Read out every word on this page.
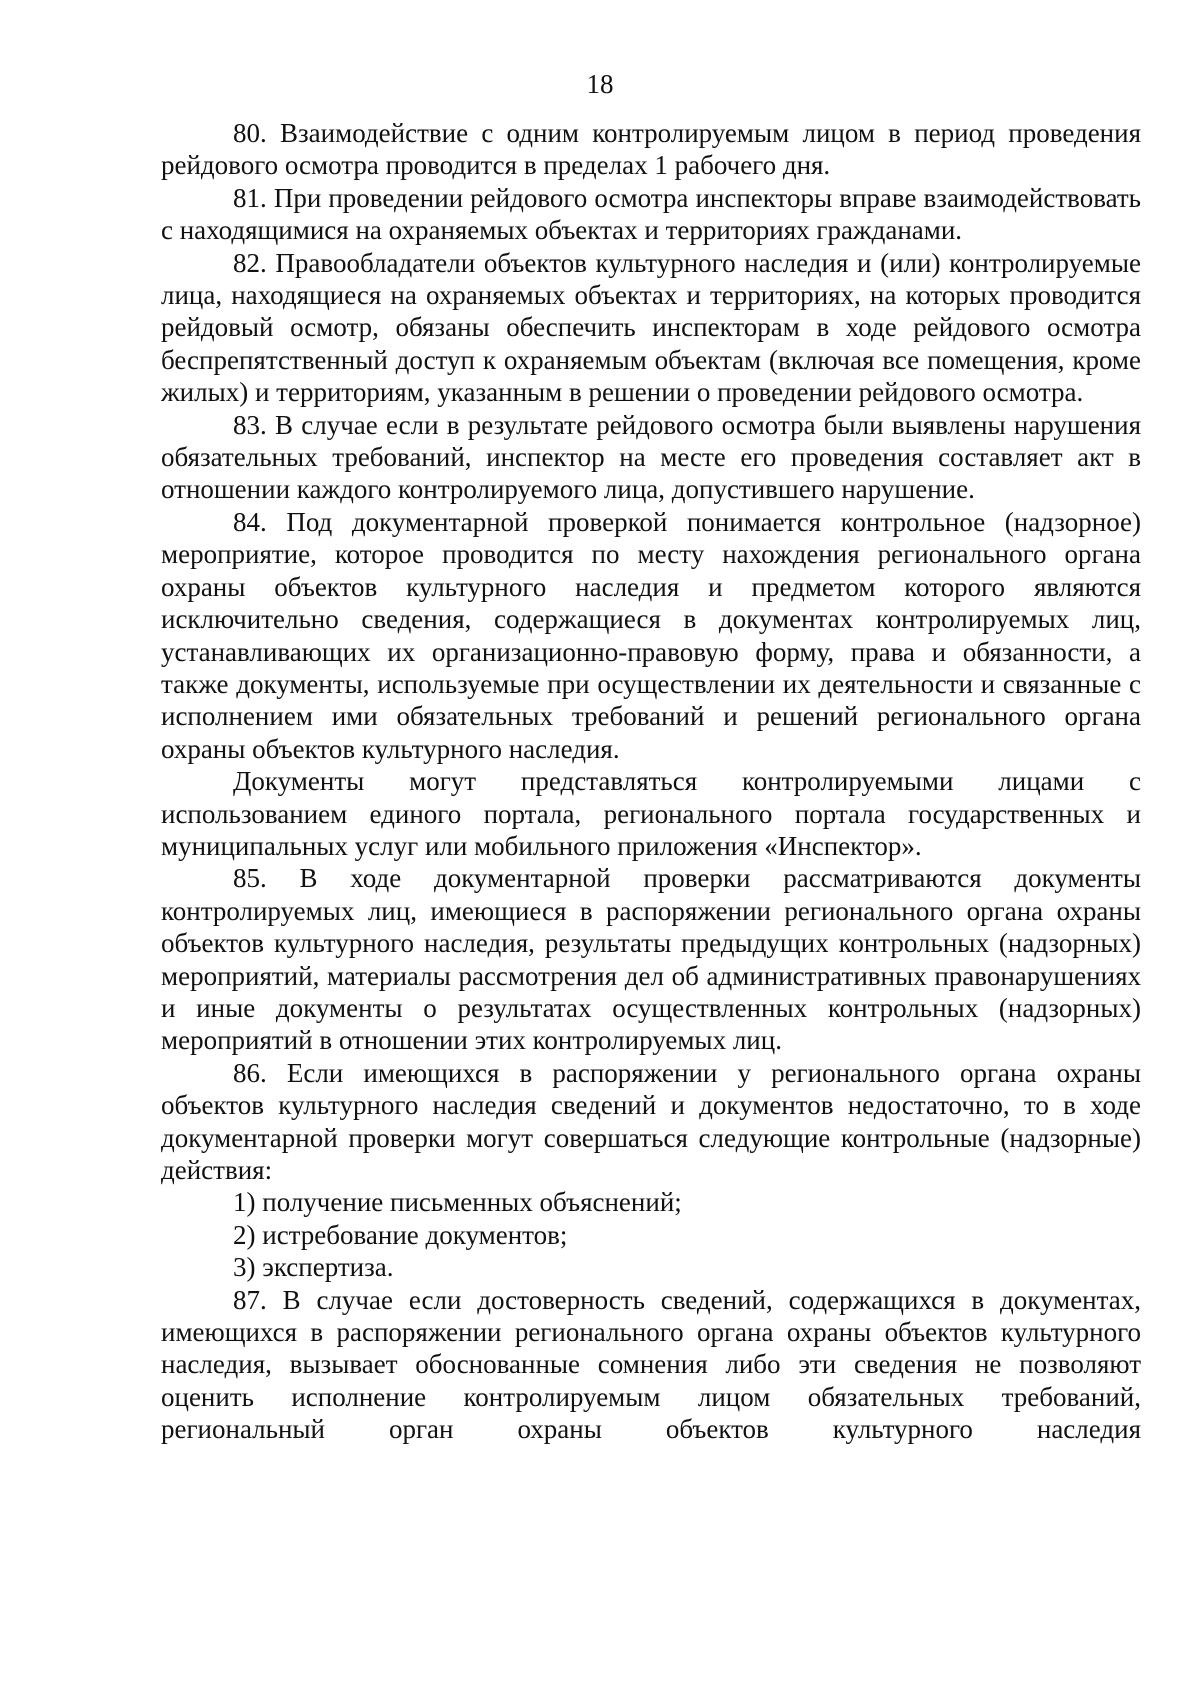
18

80. Взаимодействие с одним контролируемым лицом в период проведения рейдового осмотра проводится в пределах 1 рабочего дня.

81. При проведении рейдового осмотра инспекторы вправе взаимодействовать с находящимися на охраняемых объектах и территориях гражданами.

82. Правообладатели объектов культурного наследия и (или) контролируемые лица, находящиеся на охраняемых объектах и территориях, на которых проводится рейдовый осмотр, обязаны обеспечить инспекторам в ходе рейдового осмотра беспрепятственный доступ к охраняемым объектам (включая все помещения, кроме жилых) и территориям, указанным в решении о проведении рейдового осмотра.

83. В случае если в результате рейдового осмотра были выявлены нарушения обязательных требований, инспектор на месте его проведения составляет акт в отношении каждого контролируемого лица, допустившего нарушение.

84. Под документарной проверкой понимается контрольное (надзорное) мероприятие, которое проводится по месту нахождения регионального органа охраны объектов культурного наследия и предметом которого являются исключительно сведения, содержащиеся в документах контролируемых лиц, устанавливающих их организационно-правовую форму, права и обязанности, а также документы, используемые при осуществлении их деятельности и связанные с исполнением ими обязательных требований и решений регионального органа охраны объектов культурного наследия.

Документы могут представляться контролируемыми лицами с использованием единого портала, регионального портала государственных и муниципальных услуг или мобильного приложения «Инспектор».

85. В ходе документарной проверки рассматриваются документы контролируемых лиц, имеющиеся в распоряжении регионального органа охраны объектов культурного наследия, результаты предыдущих контрольных (надзорных) мероприятий, материалы рассмотрения дел об административных правонарушениях и иные документы о результатах осуществленных контрольных (надзорных) мероприятий в отношении этих контролируемых лиц.

86. Если имеющихся в распоряжении у регионального органа охраны объектов культурного наследия сведений и документов недостаточно, то в ходе документарной проверки могут совершаться следующие контрольные (надзорные) действия:

1) получение письменных объяснений;

2) истребование документов;

3) экспертиза.

87. В случае если достоверность сведений, содержащихся в документах, имеющихся в распоряжении регионального органа охраны объектов культурного наследия, вызывает обоснованные сомнения либо эти сведения не позволяют оценить исполнение контролируемым лицом обязательных требований, региональный орган охраны объектов культурного наследия
